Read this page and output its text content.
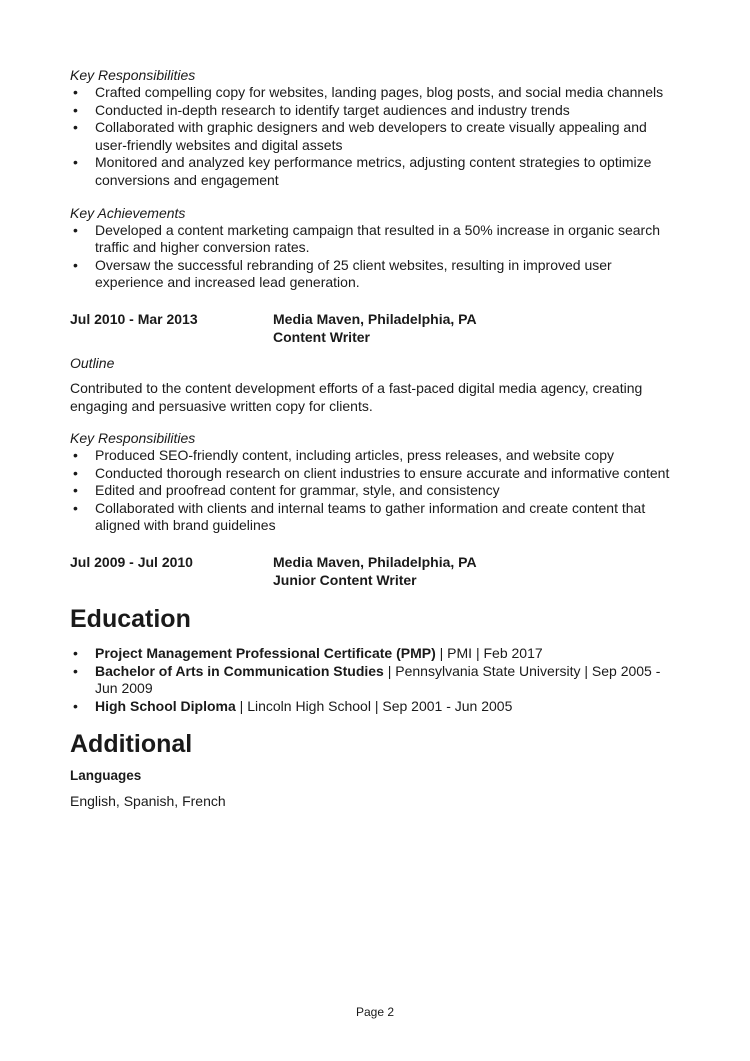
Key Responsibilities
• Crafted compelling copy for websites, landing pages, blog posts, and social media channels
• Conducted in-depth research to identify target audiences and industry trends
• Collaborated with graphic designers and web developers to create visually appealing and user-friendly websites and digital assets
• Monitored and analyzed key performance metrics, adjusting content strategies to optimize conversions and engagement
Key Achievements
• Developed a content marketing campaign that resulted in a 50% increase in organic search traffic and higher conversion rates.
• Oversaw the successful rebranding of 25 client websites, resulting in improved user experience and increased lead generation.
Jul 2010 - Mar 2013	Media Maven, Philadelphia, PA
Content Writer
Outline
Contributed to the content development efforts of a fast-paced digital media agency, creating engaging and persuasive written copy for clients.
Key Responsibilities
• Produced SEO-friendly content, including articles, press releases, and website copy
• Conducted thorough research on client industries to ensure accurate and informative content
• Edited and proofread content for grammar, style, and consistency
• Collaborated with clients and internal teams to gather information and create content that aligned with brand guidelines
Jul 2009 - Jul 2010	Media Maven, Philadelphia, PA
Junior Content Writer
Education
• Project Management Professional Certificate (PMP) | PMI | Feb 2017
• Bachelor of Arts in Communication Studies | Pennsylvania State University | Sep 2005 - Jun 2009
• High School Diploma | Lincoln High School | Sep 2001 - Jun 2005
Additional
Languages
English, Spanish, French
Page 2
